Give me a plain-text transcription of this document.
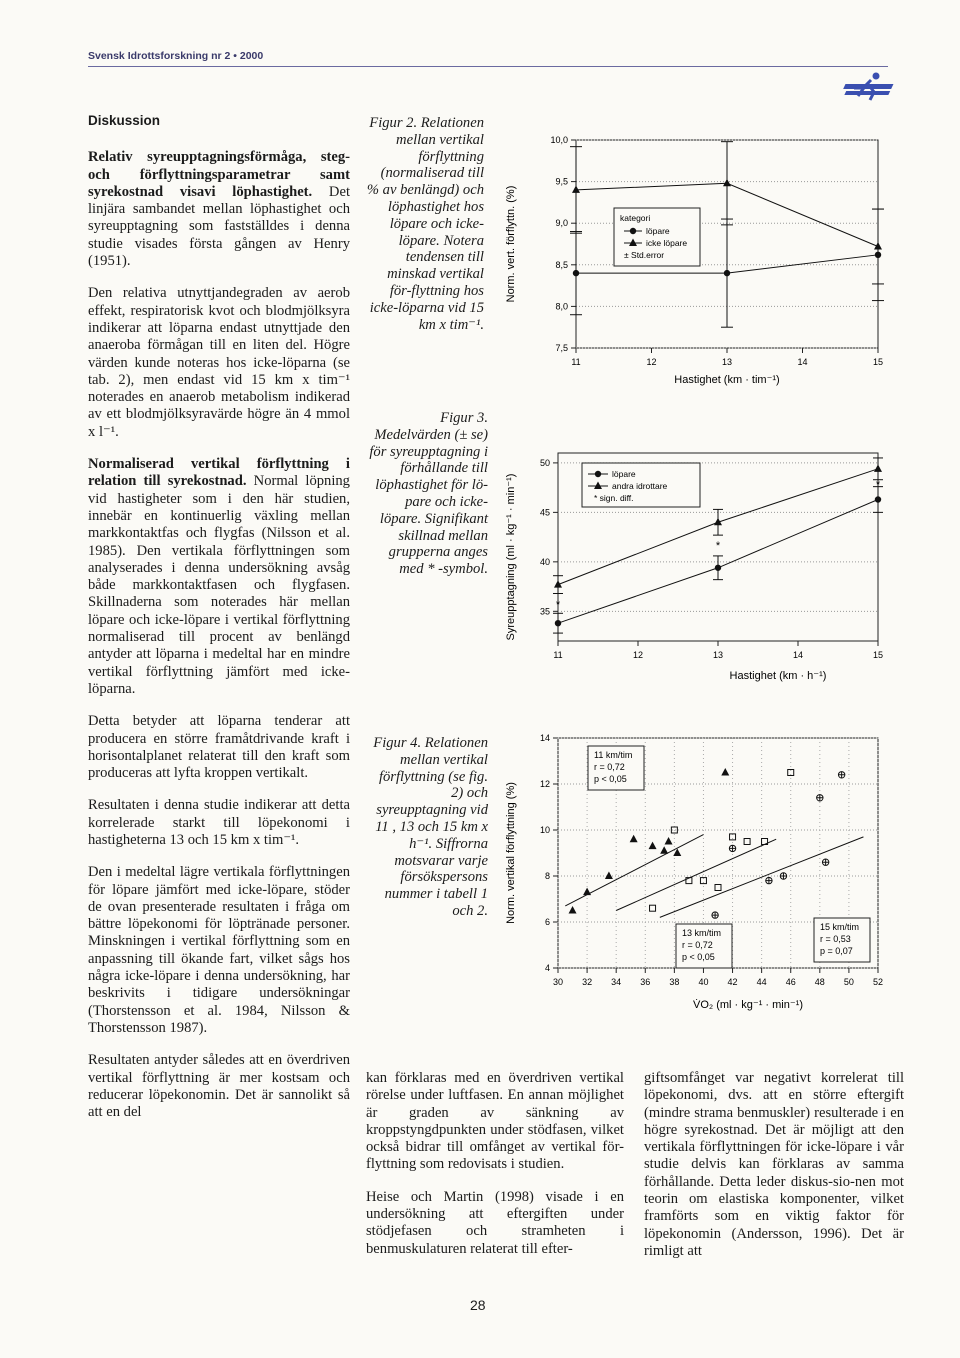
Svensk Idrottsforskning nr 2 • 2000
Diskussion

Relativ syreupptagningsförmåga, steg- och förflyttningsparametrar samt syrekostnad visavi löphastighet. Det linjära sambandet mellan löphastighet och syreupptagning som fastställdes i denna studie visades första gången av Henry (1951).

Den relativa utnyttjandegraden av aerob effekt, respiratorisk kvot och blodmjölksyra indikerar att löparna endast utnyttjade den anaeroba förmågan till en liten del. Högre värden kunde noteras hos icke-löparna (se tab. 2), men endast vid 15 km x tim⁻¹ noterades en anaerob metabolism indikerad av ett blodmjölksyravärde högre än 4 mmol x l⁻¹.

Normaliserad vertikal förflyttning i relation till syrekostnad. Normal löpning vid hastigheter som i den här studien, innebär en kontinuerlig växling mellan markkontaktfas och flygfas (Nilsson et al. 1985). Den vertikala förflyttningen som analyserades i denna undersökning avsåg både markkontaktfasen och flygfasen. Skillnaderna som noterades här mellan löpare och icke-löpare i vertikal förflyttning normaliserad till procent av benlängd antyder att löparna i medeltal har en mindre vertikal förflyttning jämfört med icke-löparna.

Detta betyder att löparna tenderar att producera en större framåtdrivande kraft i horisontalplanet relaterat till den kraft som produceras att lyfta kroppen vertikalt.

Resultaten i denna studie indikerar att detta korrelerade starkt till löpekonomi i hastigheterna 13 och 15 km x tim⁻¹.

Den i medeltal lägre vertikala förflyttningen för löpare jämfört med icke-löpare, stöder de ovan presenterade resultaten i fråga om bättre löpekonomi för löptränade personer. Minskningen i vertikal förflyttning som en anpassning till ökande fart, vilket sågs hos några icke-löpare i denna undersökning, har beskrivits i tidigare undersökningar (Thorstensson et al. 1984, Nilsson & Thorstensson 1987).

Resultaten antyder således att en överdriven vertikal förflyttning är mer kostsam och reducerar löpekonomin. Det är sannolikt så att en del

Figur 2. Relationen mellan vertikal förflyttning (normaliserad till % av benlängd) och löphastighet hos löpare och icke-löpare. Notera tendensen till minskad vertikal för-flyttning hos icke-löparna vid 15 km x tim⁻¹.
Figur 3. Medelvärden (± se) för syreupptagning i förhållande till löphastighet för lö-pare och icke-löpare. Signifikant skillnad mellan grupperna anges med * -symbol.
Figur 4. Relationen mellan vertikal förflyttning (se fig. 2) och syreupptagning vid 11 , 13 och 15 km x h⁻¹. Siffrorna motsvarar varje försökspersons nummer i tabell 1 och 2.
7,5
8,0
8,5
9,0
9,5
10,0
11	12	13	14	15
Hastighet (km · tim⁻¹)
Norm. vert. förflyttn. (%)	kategori
löpare
icke löpare
± Std.error
35
40
45
50
11	12	13	14	15
Hastighet (km · h⁻¹)
Syreupptagning (ml · kg⁻¹ · min⁻¹)	*
*
*
löpare
andra idrottare
* sign. diff.
4
6
8
10
12
14
30 32 34 36 38 40 42 44 46 48 50 52
V̇O₂ (ml · kg⁻¹ · min⁻¹)
Norm. vertikal förflyttning (%)
11 km/tim
r = 0,72
p < 0,05
13 km/tim
r = 0,72
p < 0,05
15 km/tim
r = 0,53
p = 0,07

kan förklaras med en överdriven vertikal rörelse under luftfasen. En annan möjlighet är graden av sänkning av kroppstyngdpunkten under stödfasen, vilket också bidrar till omfånget av vertikal för-flyttning som redovisats i studien.

Heise och Martin (1998) visade i en undersökning att eftergiften under stödjefasen och stramheten i benmuskulaturen relaterat till efter-

giftsomfånget var negativt korrelerat till löpekonomi, dvs. att en större eftergift (mindre strama benmuskler) resulterade i en högre syrekostnad. Det är möjligt att den vertikala förflyttningen för icke-löpare i vår studie delvis kan förklaras av samma förhållande. Detta leder diskus-sio-nen mot teorin om elastiska komponenter, vilket framförts som en viktig faktor för löpekonomin (Andersson, 1996). Det är rimligt att

28
